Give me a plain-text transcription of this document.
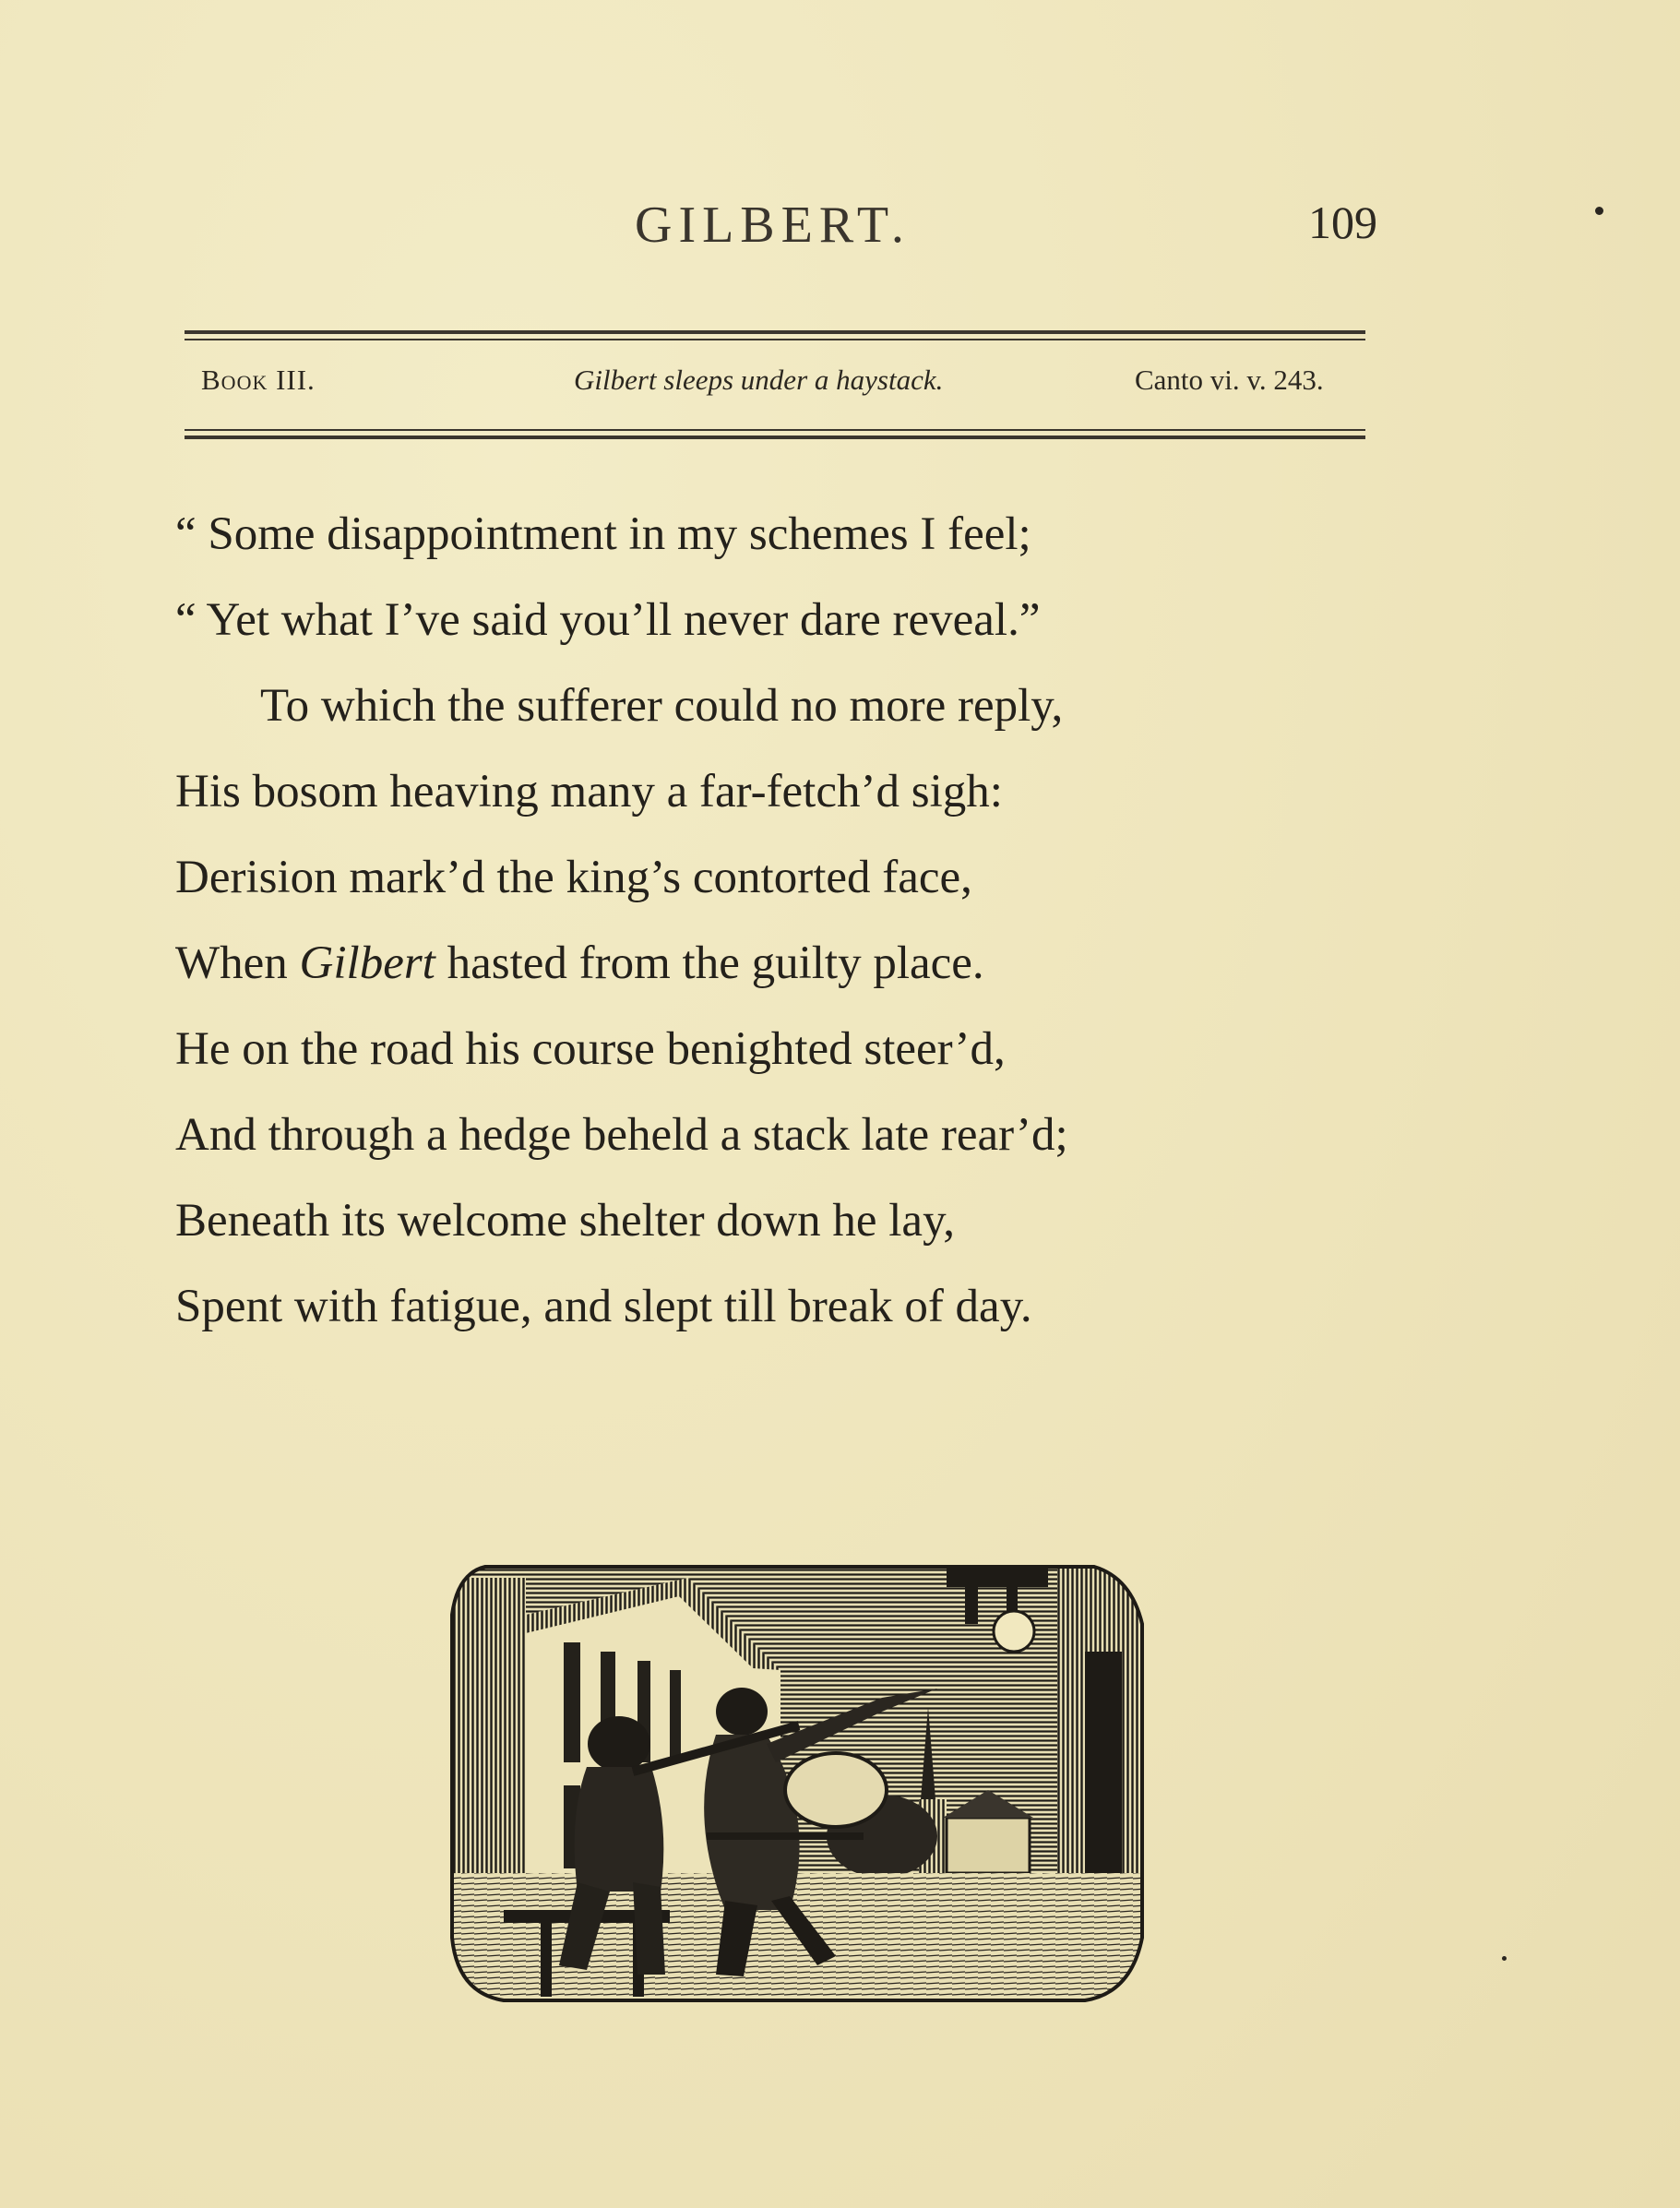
GILBERT.	109
Book III.	Gilbert sleeps under a haystack.	Canto vi. v. 243.
“ Some disappointment in my schemes I feel;
“ Yet what I’ve said you’ll never dare reveal.”
To which the sufferer could no more reply,
His bosom heaving many a far-fetch’d sigh:
Derision mark’d the king’s contorted face,
When Gilbert hasted from the guilty place.
He on the road his course benighted steer’d,
And through a hedge beheld a stack late rear’d;
Beneath its welcome shelter down he lay,
Spent with fatigue, and slept till break of day.
